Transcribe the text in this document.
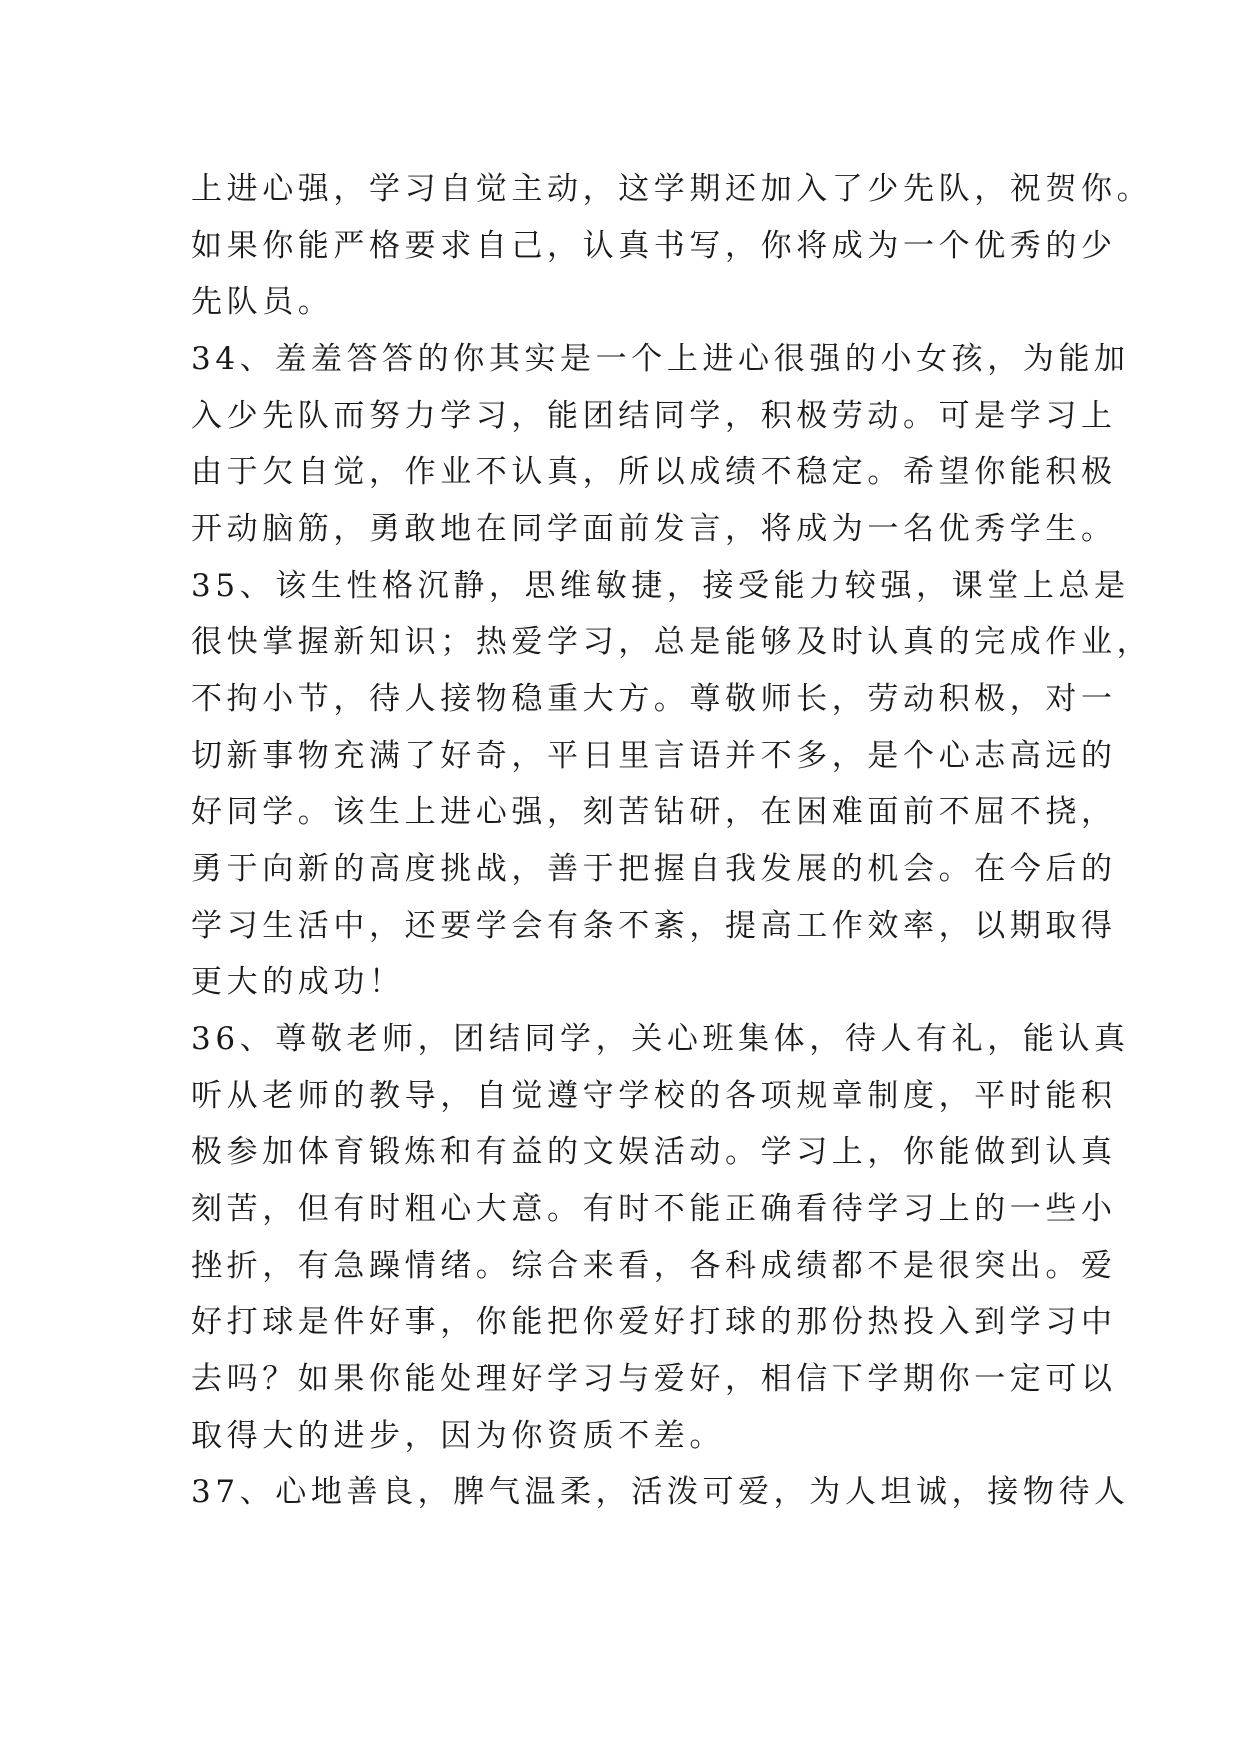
上进心强，学习自觉主动，这学期还加入了少先队，祝贺你。
如果你能严格要求自己，认真书写，你将成为一个优秀的少
先队员。
34、羞羞答答的你其实是一个上进心很强的小女孩，为能加
入少先队而努力学习，能团结同学，积极劳动。可是学习上
由于欠自觉，作业不认真，所以成绩不稳定。希望你能积极
开动脑筋，勇敢地在同学面前发言，将成为一名优秀学生。
35、该生性格沉静，思维敏捷，接受能力较强，课堂上总是
很快掌握新知识；热爱学习，总是能够及时认真的完成作业，
不拘小节，待人接物稳重大方。尊敬师长，劳动积极，对一
切新事物充满了好奇，平日里言语并不多，是个心志高远的
好同学。该生上进心强，刻苦钻研，在困难面前不屈不挠，
勇于向新的高度挑战，善于把握自我发展的机会。在今后的
学习生活中，还要学会有条不紊，提高工作效率，以期取得
更大的成功！
36、尊敬老师，团结同学，关心班集体，待人有礼，能认真
听从老师的教导，自觉遵守学校的各项规章制度，平时能积
极参加体育锻炼和有益的文娱活动。学习上，你能做到认真
刻苦，但有时粗心大意。有时不能正确看待学习上的一些小
挫折，有急躁情绪。综合来看，各科成绩都不是很突出。爱
好打球是件好事，你能把你爱好打球的那份热投入到学习中
去吗？如果你能处理好学习与爱好，相信下学期你一定可以
取得大的进步，因为你资质不差。
37、心地善良，脾气温柔，活泼可爱，为人坦诚，接物待人
